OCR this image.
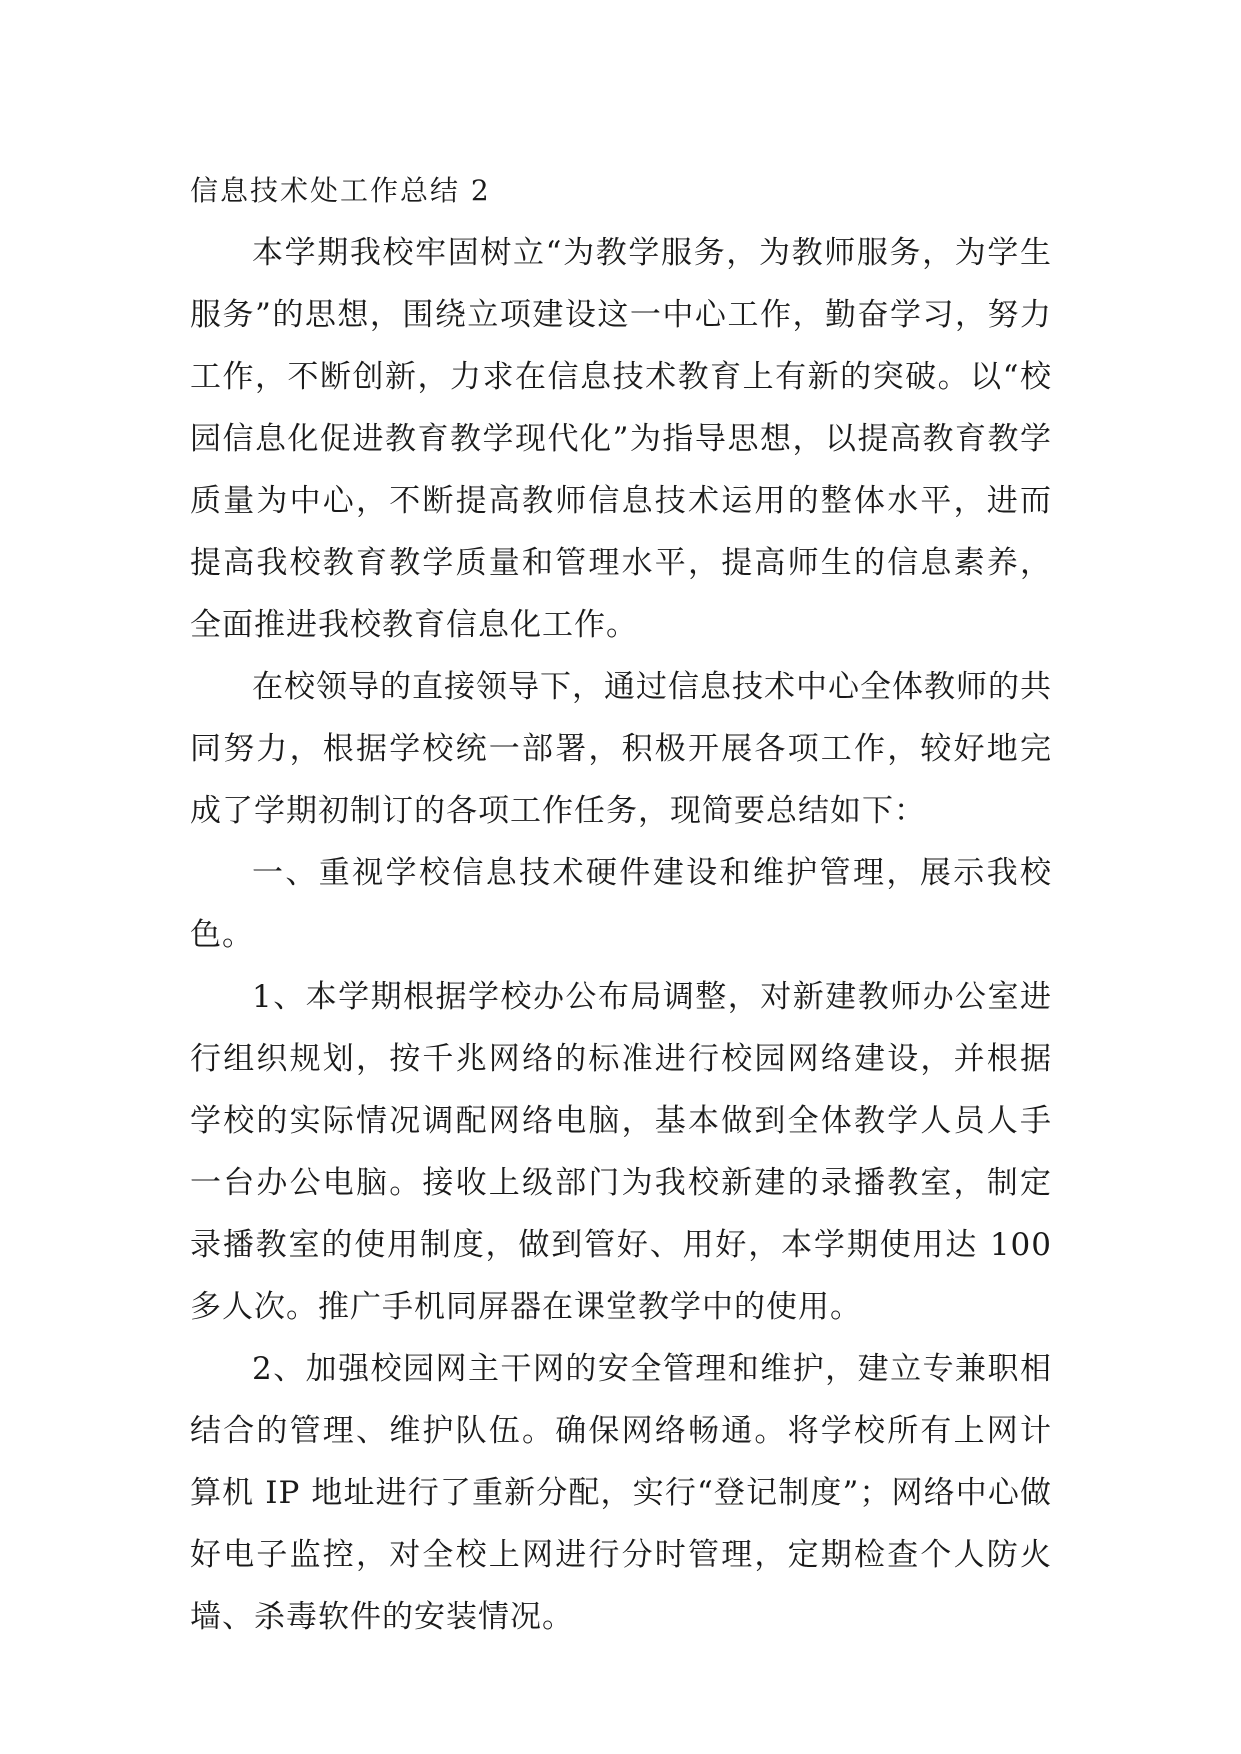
信息技术处工作总结 2

本学期我校牢固树立“为教学服务，为教师服务，为学生服务”的思想，围绕立项建设这一中心工作，勤奋学习，努力工作，不断创新，力求在信息技术教育上有新的突破。以“校园信息化促进教育教学现代化”为指导思想，以提高教育教学质量为中心，不断提高教师信息技术运用的整体水平，进而提高我校教育教学质量和管理水平，提高师生的信息素养，全面推进我校教育信息化工作。

在校领导的直接领导下，通过信息技术中心全体教师的共同努力，根据学校统一部署，积极开展各项工作，较好地完成了学期初制订的各项工作任务，现简要总结如下：

一、重视学校信息技术硬件建设和维护管理，展示我校色。

1、本学期根据学校办公布局调整，对新建教师办公室进行组织规划，按千兆网络的标准进行校园网络建设，并根据学校的实际情况调配网络电脑，基本做到全体教学人员人手一台办公电脑。接收上级部门为我校新建的录播教室，制定录播教室的使用制度，做到管好、用好，本学期使用达 100 多人次。推广手机同屏器在课堂教学中的使用。

2、加强校园网主干网的安全管理和维护，建立专兼职相结合的管理、维护队伍。确保网络畅通。将学校所有上网计算机 IP 地址进行了重新分配，实行“登记制度”；网络中心做好电子监控，对全校上网进行分时管理，定期检查个人防火墙、杀毒软件的安装情况。
